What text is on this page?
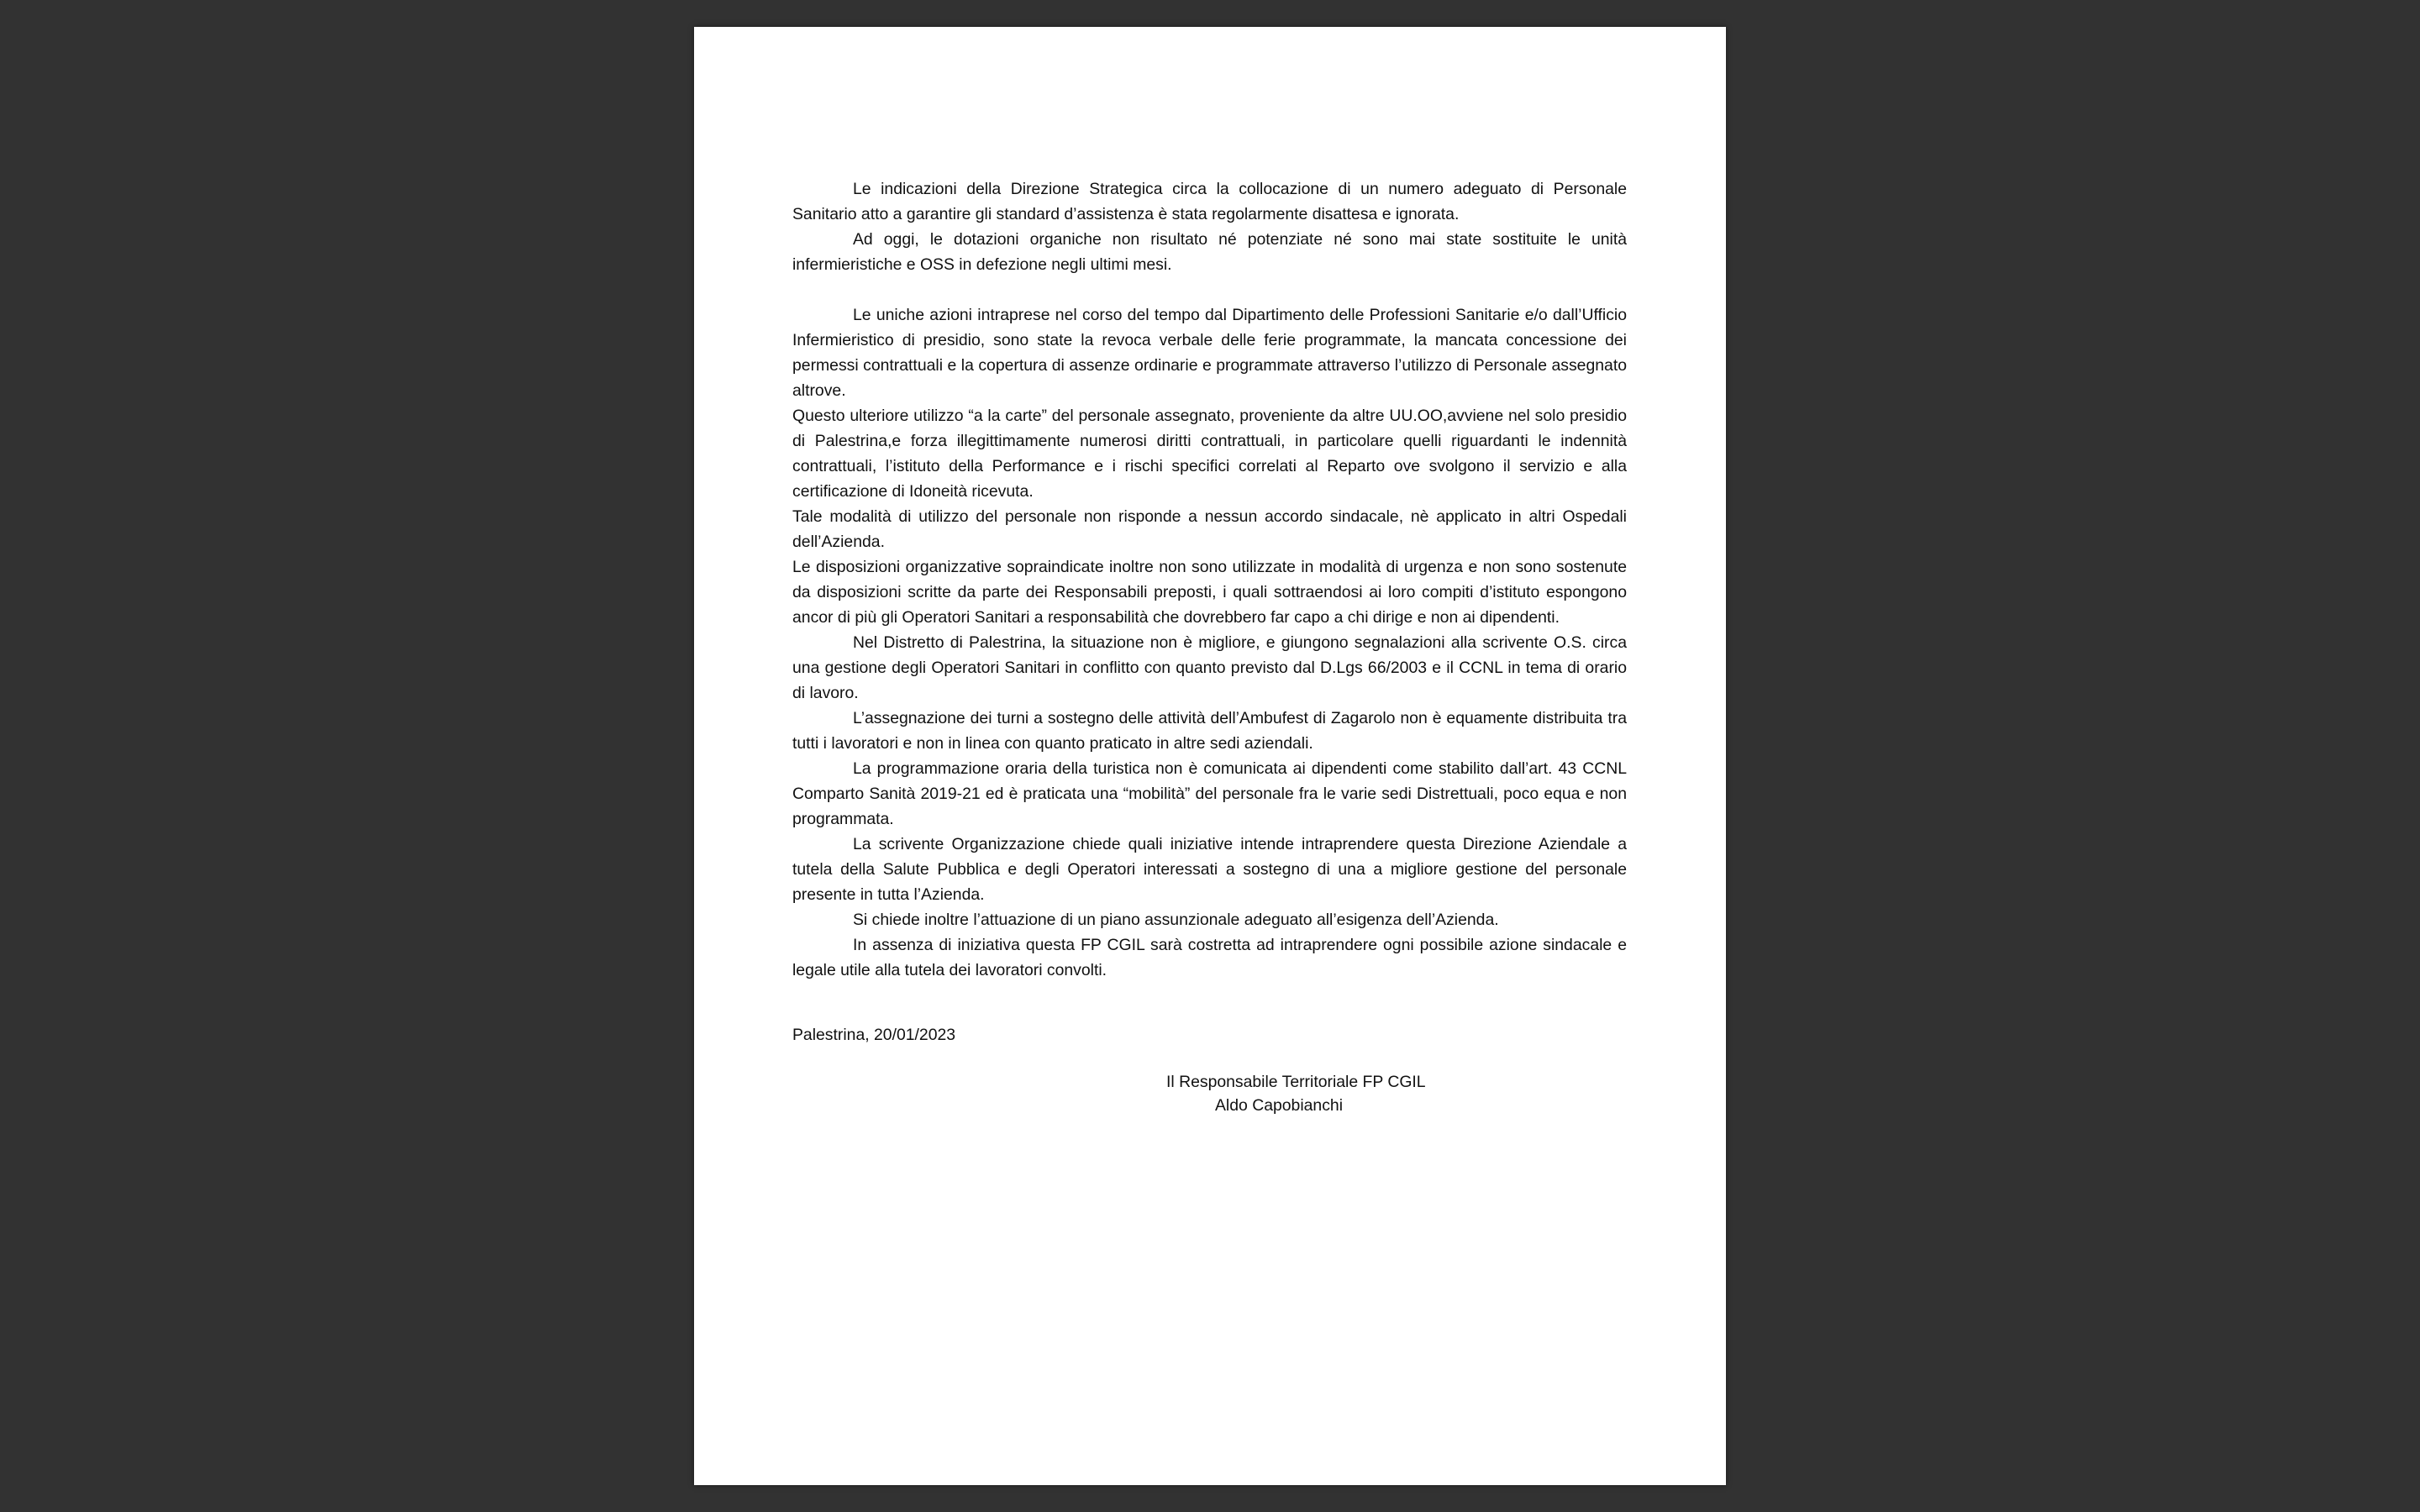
Le indicazioni della Direzione Strategica circa la collocazione di un numero adeguato di Personale Sanitario atto a garantire gli standard d’assistenza è stata regolarmente disattesa e ignorata.

Ad oggi, le dotazioni organiche non risultato né potenziate né sono mai state sostituite le unità infermieristiche e OSS in defezione negli ultimi mesi.

Le uniche azioni intraprese nel corso del tempo dal Dipartimento delle Professioni Sanitarie e/o dall’Ufficio Infermieristico di presidio, sono state la revoca verbale delle ferie programmate, la mancata concessione dei permessi contrattuali e la copertura di assenze ordinarie e programmate attraverso l’utilizzo di Personale assegnato altrove.

Questo ulteriore utilizzo “a la carte” del personale assegnato, proveniente da altre UU.OO,avviene nel solo presidio di Palestrina,e forza illegittimamente numerosi diritti contrattuali, in particolare quelli riguardanti le indennità contrattuali, l’istituto della Performance e i rischi specifici correlati al Reparto ove svolgono il servizio e alla certificazione di Idoneità ricevuta.

Tale modalità di utilizzo del personale non risponde a nessun accordo sindacale, nè applicato in altri Ospedali dell’Azienda.

Le disposizioni organizzative sopraindicate inoltre non sono utilizzate in modalità di urgenza e non sono sostenute da disposizioni scritte da parte dei Responsabili preposti, i quali sottraendosi ai loro compiti d’istituto espongono ancor di più gli Operatori Sanitari a responsabilità che dovrebbero far capo a chi dirige e non ai dipendenti.

Nel Distretto di Palestrina, la situazione non è migliore, e giungono segnalazioni alla scrivente O.S. circa una gestione degli Operatori Sanitari in conflitto con quanto previsto dal D.Lgs 66/2003 e il CCNL in tema di orario di lavoro.

L’assegnazione dei turni a sostegno delle attività dell’Ambufest di Zagarolo non è equamente distribuita tra tutti i lavoratori e non in linea con quanto praticato in altre sedi aziendali.

La programmazione oraria della turistica non è comunicata ai dipendenti come stabilito dall’art. 43 CCNL Comparto Sanità 2019-21 ed è praticata una “mobilità” del personale fra le varie sedi Distrettuali, poco equa e non programmata.

La scrivente Organizzazione chiede quali iniziative intende intraprendere questa Direzione Aziendale a tutela della Salute Pubblica e degli Operatori interessati a sostegno di una a migliore gestione del personale presente in tutta l’Azienda.

Si chiede inoltre l’attuazione di un piano assunzionale adeguato all’esigenza dell’Azienda.

In assenza di iniziativa questa FP CGIL sarà costretta ad intraprendere ogni possibile azione sindacale e legale utile alla tutela dei lavoratori convolti.

Palestrina, 20/01/2023
Il Responsabile Territoriale FP CGIL
Aldo Capobianchi
